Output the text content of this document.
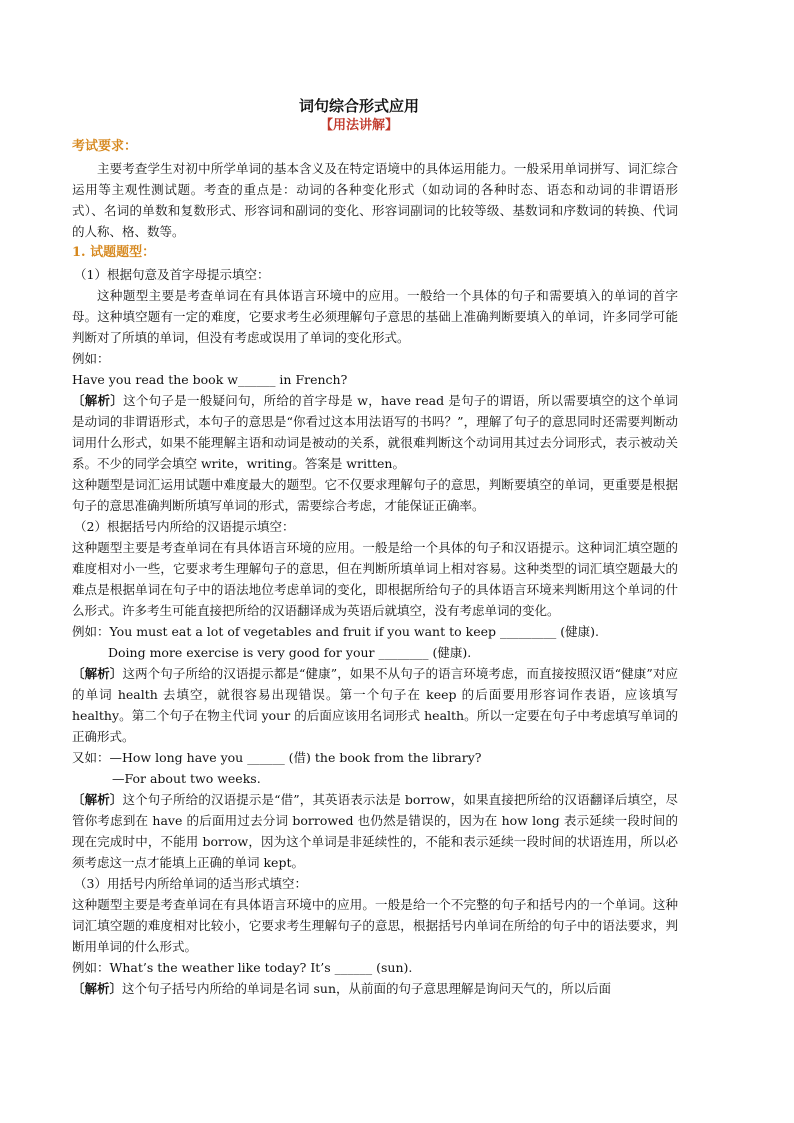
词句综合形式应用
【用法讲解】
考试要求：

主要考查学生对初中所学单词的基本含义及在特定语境中的具体运用能力。一般采用单词拼写、词汇综合运用等主观性测试题。考查的重点是：动词的各种变化形式（如动词的各种时态、语态和动词的非谓语形式）、名词的单数和复数形式、形容词和副词的变化、形容词副词的比较等级、基数词和序数词的转换、代词的人称、格、数等。

1. 试题题型：
（1）根据句意及首字母提示填空：

这种题型主要是考查单词在有具体语言环境中的应用。一般给一个具体的句子和需要填入的单词的首字母。这种填空题有一定的难度，它要求考生必须理解句子意思的基础上准确判断要填入的单词，许多同学可能判断对了所填的单词，但没有考虑或误用了单词的变化形式。

例如：

Have you read the book w______ in French?

〔解析〕这个句子是一般疑问句，所给的首字母是 w，have read 是句子的谓语，所以需要填空的这个单词是动词的非谓语形式，本句子的意思是“你看过这本用法语写的书吗？”，理解了句子的意思同时还需要判断动词用什么形式，如果不能理解主语和动词是被动的关系，就很难判断这个动词用其过去分词形式，表示被动关系。不少的同学会填空 write，writing。答案是 written。

这种题型是词汇运用试题中难度最大的题型。它不仅要求理解句子的意思，判断要填空的单词，更重要是根据句子的意思准确判断所填写单词的形式，需要综合考虑，才能保证正确率。

（2）根据括号内所给的汉语提示填空：

这种题型主要是考查单词在有具体语言环境的应用。一般是给一个具体的句子和汉语提示。这种词汇填空题的难度相对小一些，它要求考生理解句子的意思，但在判断所填单词上相对容易。这种类型的词汇填空题最大的难点是根据单词在句子中的语法地位考虑单词的变化，即根据所给句子的具体语言环境来判断用这个单词的什么形式。许多考生可能直接把所给的汉语翻译成为英语后就填空，没有考虑单词的变化。

例如：You must eat a lot of vegetables and fruit if you want to keep _________ (健康).

Doing more exercise is very good for your ________ (健康).

〔解析〕这两个句子所给的汉语提示都是“健康”，如果不从句子的语言环境考虑，而直接按照汉语“健康”对应的单词 health 去填空，就很容易出现错误。第一个句子在 keep 的后面要用形容词作表语，应该填写 healthy。第二个句子在物主代词 your 的后面应该用名词形式 health。所以一定要在句子中考虑填写单词的正确形式。

又如：—How long have you ______ (借) the book from the library?

—For about two weeks.

〔解析〕这个句子所给的汉语提示是“借”，其英语表示法是 borrow，如果直接把所给的汉语翻译后填空，尽管你考虑到在 have 的后面用过去分词 borrowed 也仍然是错误的，因为在 how long 表示延续一段时间的现在完成时中，不能用 borrow，因为这个单词是非延续性的，不能和表示延续一段时间的状语连用，所以必须考虑这一点才能填上正确的单词 kept。

（3）用括号内所给单词的适当形式填空：

这种题型主要是考查单词在有具体语言环境中的应用。一般是给一个不完整的句子和括号内的一个单词。这种词汇填空题的难度相对比较小，它要求考生理解句子的意思，根据括号内单词在所给的句子中的语法要求，判断用单词的什么形式。

例如：What’s the weather like today? It’s ______ (sun).

〔解析〕这个句子括号内所给的单词是名词 sun，从前面的句子意思理解是询问天气的，所以后面
